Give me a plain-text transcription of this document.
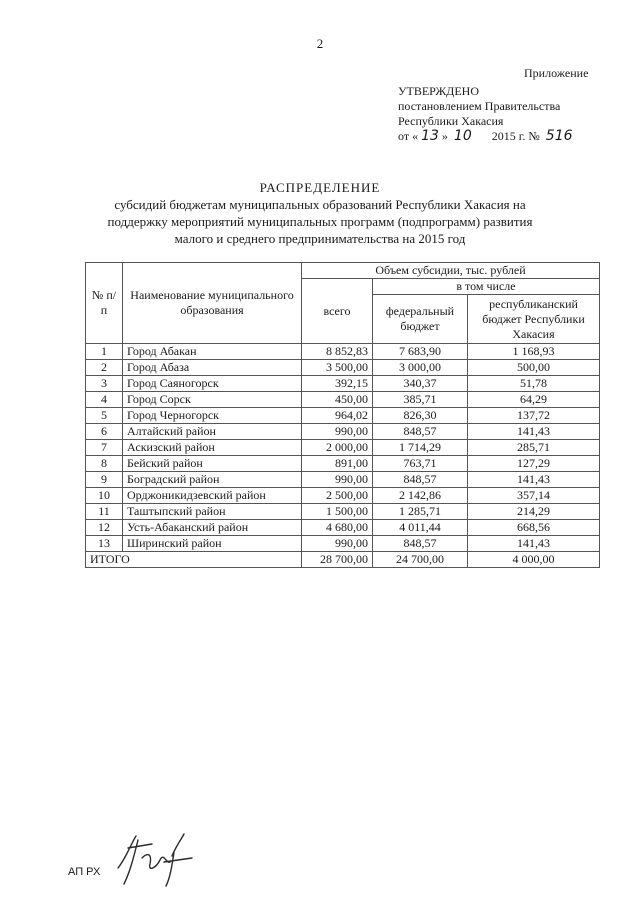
2
Приложение
УТВЕРЖДЕНО
постановлением Правительства
Республики Хакасия
от « 13 » 10 2015 г. № 516
РАСПРЕДЕЛЕНИЕ
субсидий бюджетам муниципальных образований Республики Хакасия на
поддержку мероприятий муниципальных программ (подпрограмм) развития
малого и среднего предпринимательства на 2015 год
№ п/п	Наименование муниципального образования	Объем субсидии, тыс. рублей		
		всего	в том числе	
			федеральный бюджет	республиканский бюджет Республики Хакасия
1	Город Абакан	8 852,83	7 683,90	1 168,93
2	Город Абаза	3 500,00	3 000,00	500,00
3	Город Саяногорск	392,15	340,37	51,78
4	Город Сорск	450,00	385,71	64,29
5	Город Черногорск	964,02	826,30	137,72
6	Алтайский район	990,00	848,57	141,43
7	Аскизский район	2 000,00	1 714,29	285,71
8	Бейский район	891,00	763,71	127,29
9	Боградский район	990,00	848,57	141,43
10	Орджоникидзевский район	2 500,00	2 142,86	357,14
11	Таштыпский район	1 500,00	1 285,71	214,29
12	Усть-Абаканский район	4 680,00	4 011,44	668,56
13	Ширинский район	990,00	848,57	141,43
ИТОГО		28 700,00	24 700,00	4 000,00
АП РХ
